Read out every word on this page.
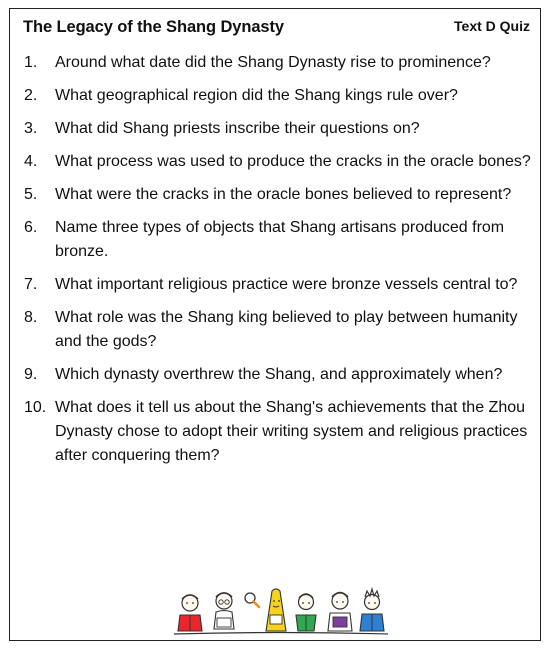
The Legacy of the Shang Dynasty	Text D Quiz
1. Around what date did the Shang Dynasty rise to prominence?
2. What geographical region did the Shang kings rule over?
3. What did Shang priests inscribe their questions on?
4. What process was used to produce the cracks in the oracle bones?
5. What were the cracks in the oracle bones believed to represent?
6. Name three types of objects that Shang artisans produced from bronze.
7. What important religious practice were bronze vessels central to?
8. What role was the Shang king believed to play between humanity and the gods?
9. Which dynasty overthrew the Shang, and approximately when?
10. What does it tell us about the Shang's achievements that the Zhou Dynasty chose to adopt their writing system and religious practices after conquering them?
